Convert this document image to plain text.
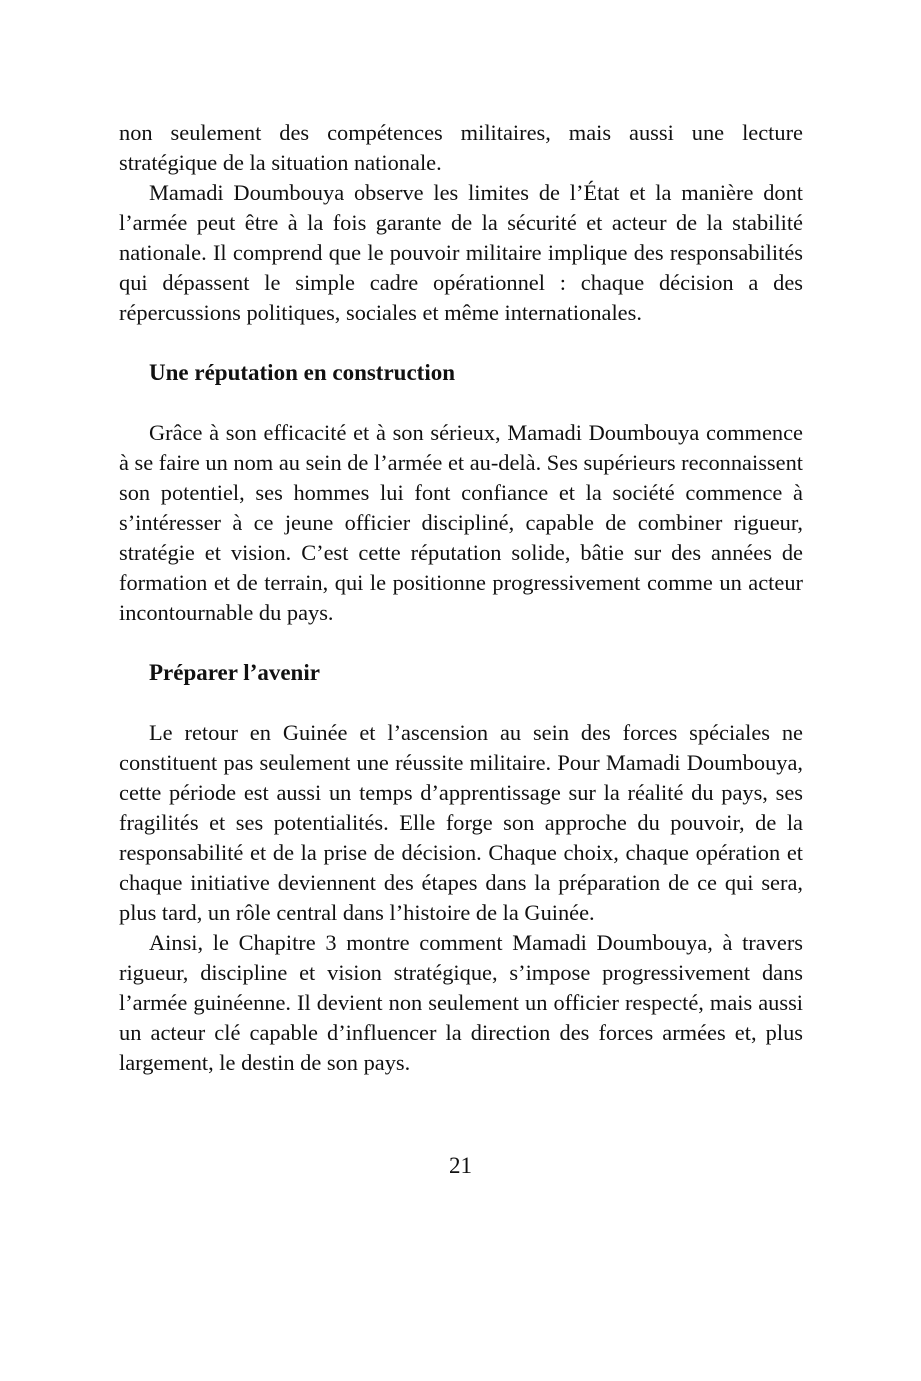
non seulement des compétences militaires, mais aussi une lecture stratégique de la situation nationale.

Mamadi Doumbouya observe les limites de l’État et la manière dont l’armée peut être à la fois garante de la sécurité et acteur de la stabilité nationale. Il comprend que le pouvoir militaire implique des responsabilités qui dépassent le simple cadre opérationnel : chaque décision a des répercussions politiques, sociales et même internationales.

Une réputation en construction

Grâce à son efficacité et à son sérieux, Mamadi Doumbouya commence à se faire un nom au sein de l’armée et au-delà. Ses supérieurs reconnaissent son potentiel, ses hommes lui font confiance et la société commence à s’intéresser à ce jeune officier discipliné, capable de combiner rigueur, stratégie et vision. C’est cette réputation solide, bâtie sur des années de formation et de terrain, qui le positionne progressivement comme un acteur incontournable du pays.

Préparer l’avenir

Le retour en Guinée et l’ascension au sein des forces spéciales ne constituent pas seulement une réussite militaire. Pour Mamadi Doumbouya, cette période est aussi un temps d’apprentissage sur la réalité du pays, ses fragilités et ses potentialités. Elle forge son approche du pouvoir, de la responsabilité et de la prise de décision. Chaque choix, chaque opération et chaque initiative deviennent des étapes dans la préparation de ce qui sera, plus tard, un rôle central dans l’histoire de la Guinée.

Ainsi, le Chapitre 3 montre comment Mamadi Doumbouya, à travers rigueur, discipline et vision stratégique, s’impose progressivement dans l’armée guinéenne. Il devient non seulement un officier respecté, mais aussi un acteur clé capable d’influencer la direction des forces armées et, plus largement, le destin de son pays.

21
